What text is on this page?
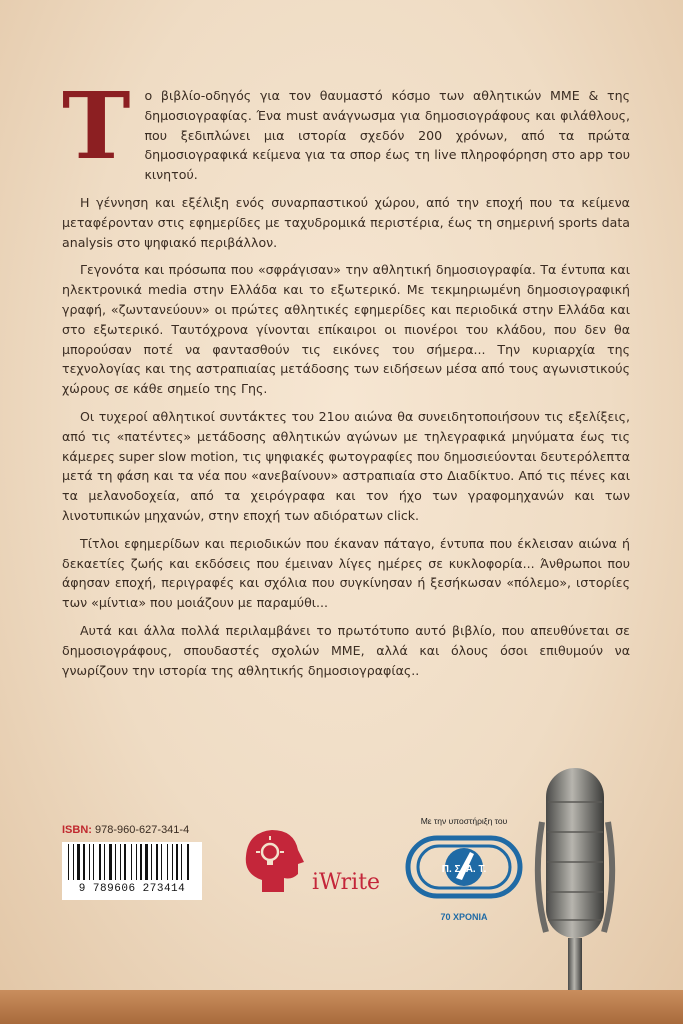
Τ ο βιβλίο-οδηγός για τον θαυμαστό κόσμο των αθλητικών ΜΜΕ & της δημοσιογραφίας. Ένα must ανάγνωσμα για δημοσιογράφους και φιλάθλους, που ξεδιπλώνει μια ιστορία σχεδόν 200 χρόνων, από τα πρώτα δημοσιογραφικά κείμενα για τα σπορ έως τη live πληροφόρηση στο app του κινητού.

Η γέννηση και εξέλιξη ενός συναρπαστικού χώρου, από την εποχή που τα κείμενα μεταφέρονταν στις εφημερίδες με ταχυδρομικά περιστέρια, έως τη σημερινή sports data analysis στο ψηφιακό περιβάλλον.

Γεγονότα και πρόσωπα που «σφράγισαν» την αθλητική δημοσιογραφία. Τα έντυπα και ηλεκτρονικά media στην Ελλάδα και το εξωτερικό. Με τεκμηριωμένη δημοσιογραφική γραφή, «ζωντανεύουν» οι πρώτες αθλητικές εφημερίδες και περιοδικά στην Ελλάδα και στο εξωτερικό. Ταυτόχρονα γίνονται επίκαιροι οι πιονέροι του κλάδου, που δεν θα μπορούσαν ποτέ να φαντασθούν τις εικόνες του σήμερα... Την κυριαρχία της τεχνολογίας και της αστραπιαίας μετάδοσης των ειδήσεων μέσα από τους αγωνιστικούς χώρους σε κάθε σημείο της Γης.

Οι τυχεροί αθλητικοί συντάκτες του 21ου αιώνα θα συνειδητοποιήσουν τις εξελίξεις, από τις «πατέντες» μετάδοσης αθλητικών αγώνων με τηλεγραφικά μηνύματα έως τις κάμερες super slow motion, τις ψηφιακές φωτογραφίες που δημοσιεύονται δευτερόλεπτα μετά τη φάση και τα νέα που «ανεβαίνουν» αστραπιαία στο Διαδίκτυο. Από τις πένες και τα μελανοδοχεία, από τα χειρόγραφα και τον ήχο των γραφομηχανών και των λινοτυπικών μηχανών, στην εποχή των αδιόρατων click.

Τίτλοι εφημερίδων και περιοδικών που έκαναν πάταγο, έντυπα που έκλεισαν αιώνα ή δεκαετίες ζωής και εκδόσεις που έμειναν λίγες ημέρες σε κυκλοφορία... Άνθρωποι που άφησαν εποχή, περιγραφές και σχόλια που συγκίνησαν ή ξεσήκωσαν «πόλεμο», ιστορίες των «μίντια» που μοιάζουν με παραμύθι...

Αυτά και άλλα πολλά περιλαμβάνει το πρωτότυπο αυτό βιβλίο, που απευθύνεται σε δημοσιογράφους, σπουδαστές σχολών ΜΜΕ, αλλά και όλους όσοι επιθυμούν να γνωρίζουν την ιστορία της αθλητικής δημοσιογραφίας..

ISBN: 978-960-627-341-4
9 789606 273414	iWrite
Με την υποστήριξη του
Π. Σ. Α. Τ.
70 ΧΡΟΝΙΑ
